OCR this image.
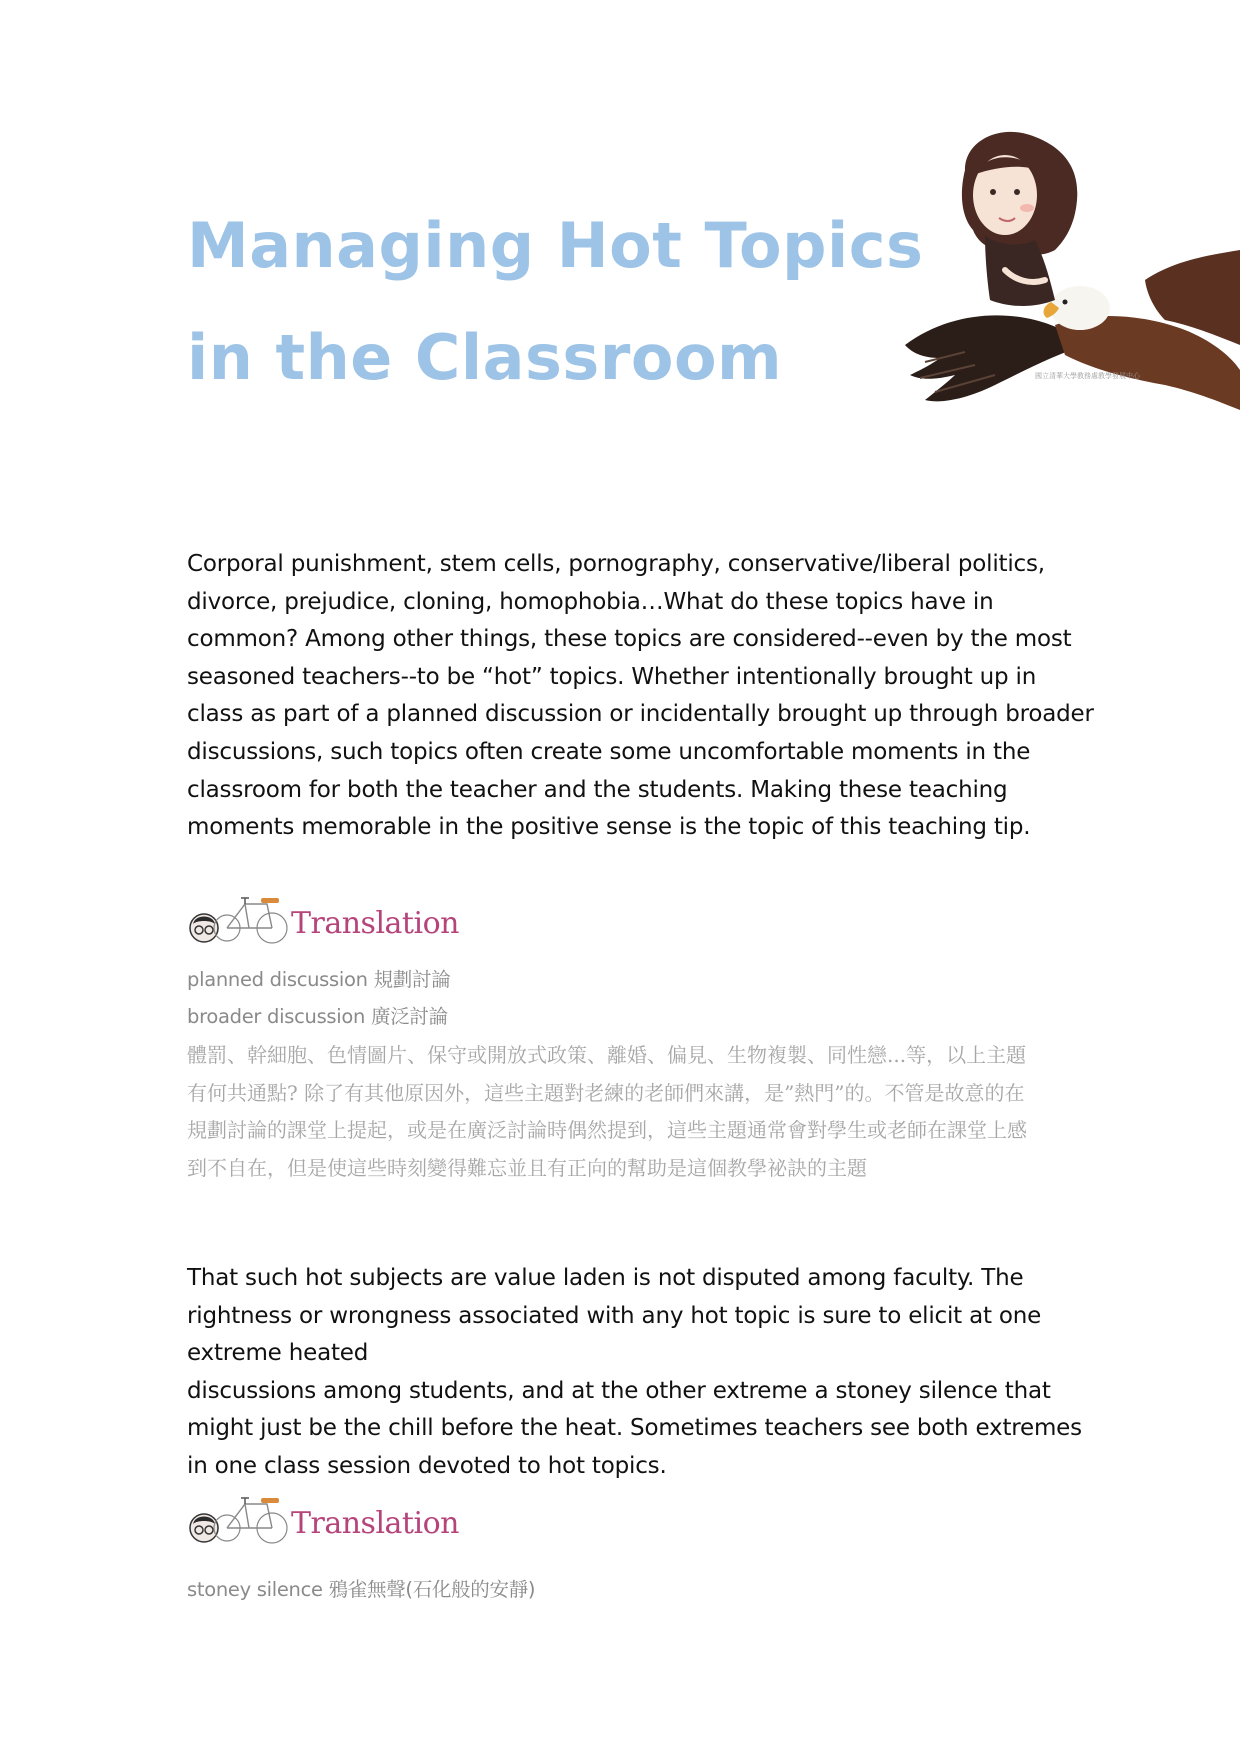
Managing Hot Topics
in the Classroom	國立清華大學教務處教學發展中心
Corporal punishment, stem cells, pornography, conservative/liberal politics,
divorce, prejudice, cloning, homophobia…What do these topics have in
common? Among other things, these topics are considered--even by the most
seasoned teachers--to be “hot” topics. Whether intentionally brought up in
class as part of a planned discussion or incidentally brought up through broader
discussions, such topics often create some uncomfortable moments in the
classroom for both the teacher and the students. Making these teaching
moments memorable in the positive sense is the topic of this teaching tip.
Translation

planned discussion 規劃討論

broader discussion 廣泛討論

體罰、幹細胞、色情圖片、保守或開放式政策、離婚、偏見、生物複製、同性戀...等，以上主題
有何共通點? 除了有其他原因外，這些主題對老練的老師們來講，是”熱門”的。不管是故意的在
規劃討論的課堂上提起，或是在廣泛討論時偶然提到，這些主題通常會對學生或老師在課堂上感
到不自在，但是使這些時刻變得難忘並且有正向的幫助是這個教學祕訣的主題
That such hot subjects are value laden is not disputed among faculty. The
rightness or wrongness associated with any hot topic is sure to elicit at one
extreme heated
discussions among students, and at the other extreme a stoney silence that
might just be the chill before the heat. Sometimes teachers see both extremes
in one class session devoted to hot topics.
Translation

stoney silence 鴉雀無聲(石化般的安靜)
